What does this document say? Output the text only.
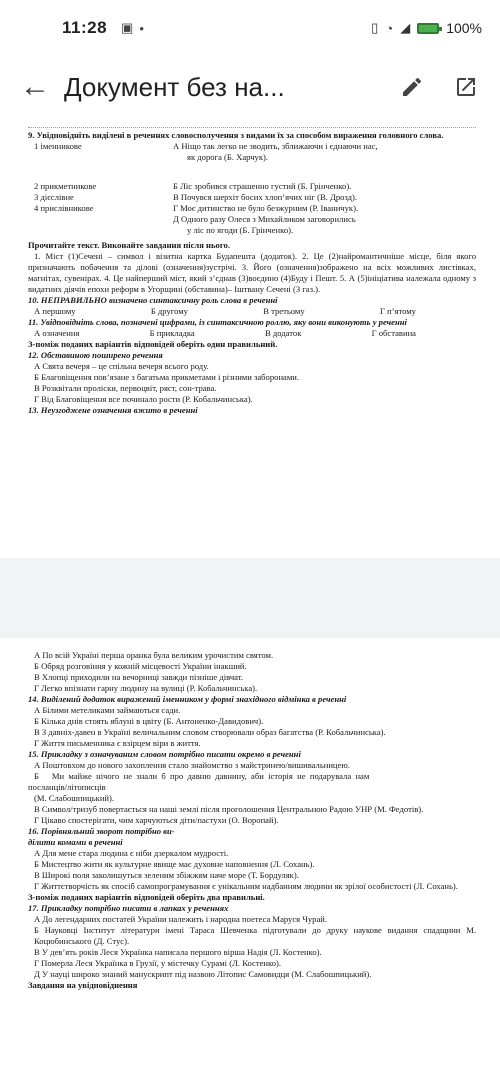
11:28 ▣ •	▯ ◔ ◢	100%
← Документ без на...
9. Увідповідніть виділені в реченнях словосполучення з видами їх за способом вираження головного слова.
1 іменникове	А Ніщо так легко не зводить, зближаючи і єднаючи нас,
як дорога (Б. Харчук).
2 прикметникове	Б Ліс зробився страшенно густий (Б. Грінченко).
3 дієслівне	В Почувся шерхіт босих хлоп’ячих ніг (В. Дрозд).
4 прислівникове	Г Моє дитинство не було безжурним (Р. Іваничук).
Д Одного разу Олеся з Михайликом заговорились
у ліс по ягоди (Б. Грінченко).
Прочитайте текст. Виконайте завдання після нього.
1. Міст (1)Сечені – символ і візитна картка Будапешта (додаток). 2. Це (2)найромантичніше місце, біля якого призначають побачення та ділові (означення)зустрічі. 3. Його (означення)зображено на всіх можливих листівках, магнітах, сувенірах. 4. Це найперший міст, який з’єднав (3)воєдино (4)Буду і Пешт. 5. А (5)ініціатива належала одному з видатних діячів епохи реформ в Угорщині (обставина)– Іштвану Сечені (З газ.).
10. НЕПРАВИЛЬНО визначено синтаксичну роль слова в реченні
А першому	Б другому	В третьому	Г п’ятому
11. Увідповідніть слова, позначені цифрами, із синтаксичною роллю, яку вони виконують у реченні
А означення	Б прикладка	В додаток	Г обставина
З-поміж поданих варіантів відповідей оберіть один правильний.
12. Обставиною поширено речення
А Свята вечеря – це спільна вечеря всього роду.
Б Благовіщення пов’язане з багатьма прикметами і різними заборонами.
В Розквітали проліски, первоцвіт, ряст, сон-трава.
Г Від Благовіщення все починало рости (Р. Кобальчинська).
13. Неузгоджене означення вжито в реченні
А По всій Україні перша оранка була великим урочистим святом.
Б Обряд розговіння у кожній місцевості України інакший.
В Хлопці приходили на вечорниці завжди пізніше дівчат.
Г Легко впізнати гарну людину на вулиці (Р. Кобальчинська).
14. Виділений додаток виражений іменником у формі знахідного відмінка в реченні
А Білими метеликами займаються сади.
Б Кілька днів стоять яблуні в цвіту (Б. Антоненко-Давидович).
В З давніх-давен в Україні величальним словом створювали образ багатства (Р. Кобальчинська).
Г Життя письменника є взірцем віри в життя.
15. Прикладку з означуваним словом потрібно писати окремо в реченні
А Поштовхом до нового захоплення стало знайомство з майстринею/вишивальницею.
Б      Ми  майже  нічого  не  знали  б  про  давню  давнину,  аби  історія  не  подарувала  нам
посланців/літописців
(М. Слабошпицький).
В Символ/тризуб повертається на наші землі після проголошення Центральною Радою УНР (М. Федотів).
Г Цікаво спостерігати, чим харчуються діти/пастухи (О. Воропай).
16. Порівняльний зворот потрібно ви-
ділити комами в реченні
А Для мене стара людина є ніби дзеркалом мудрості.
Б Мистецтво жити як культурне явище має духовне наповнення (Л. Сохань).
В Широкі поля заколишуться зеленим збіжжям наче море (Т. Бордуляк).
Г Життєтворчість як спосіб самопрограмування є унікальним надбанням людини як зрілої особистості (Л. Сохань).
З-поміж поданих варіантів відповідей оберіть два правильні.
17. Прикладку потрібно писати в лапках у реченнях
А До легендарних постатей України належить і народна поетеса Маруся Чурай.
Б Науковці Інститут літератури імені Тараса Шевченка підготували до друку наукове видання спадщини М. Коцюбинського (Д. Стус).
В У дев’ять років Леся Українка написала першого вірша Надія (Л. Костенко).
Г Померла Леся Українка в Грузії, у містечку Сурамі (Л. Костенко).
Д У науці широко знаний манускрипт під назвою Літопис Самовидця (М. Слабошпицький).
Завдання на увідповіднення
